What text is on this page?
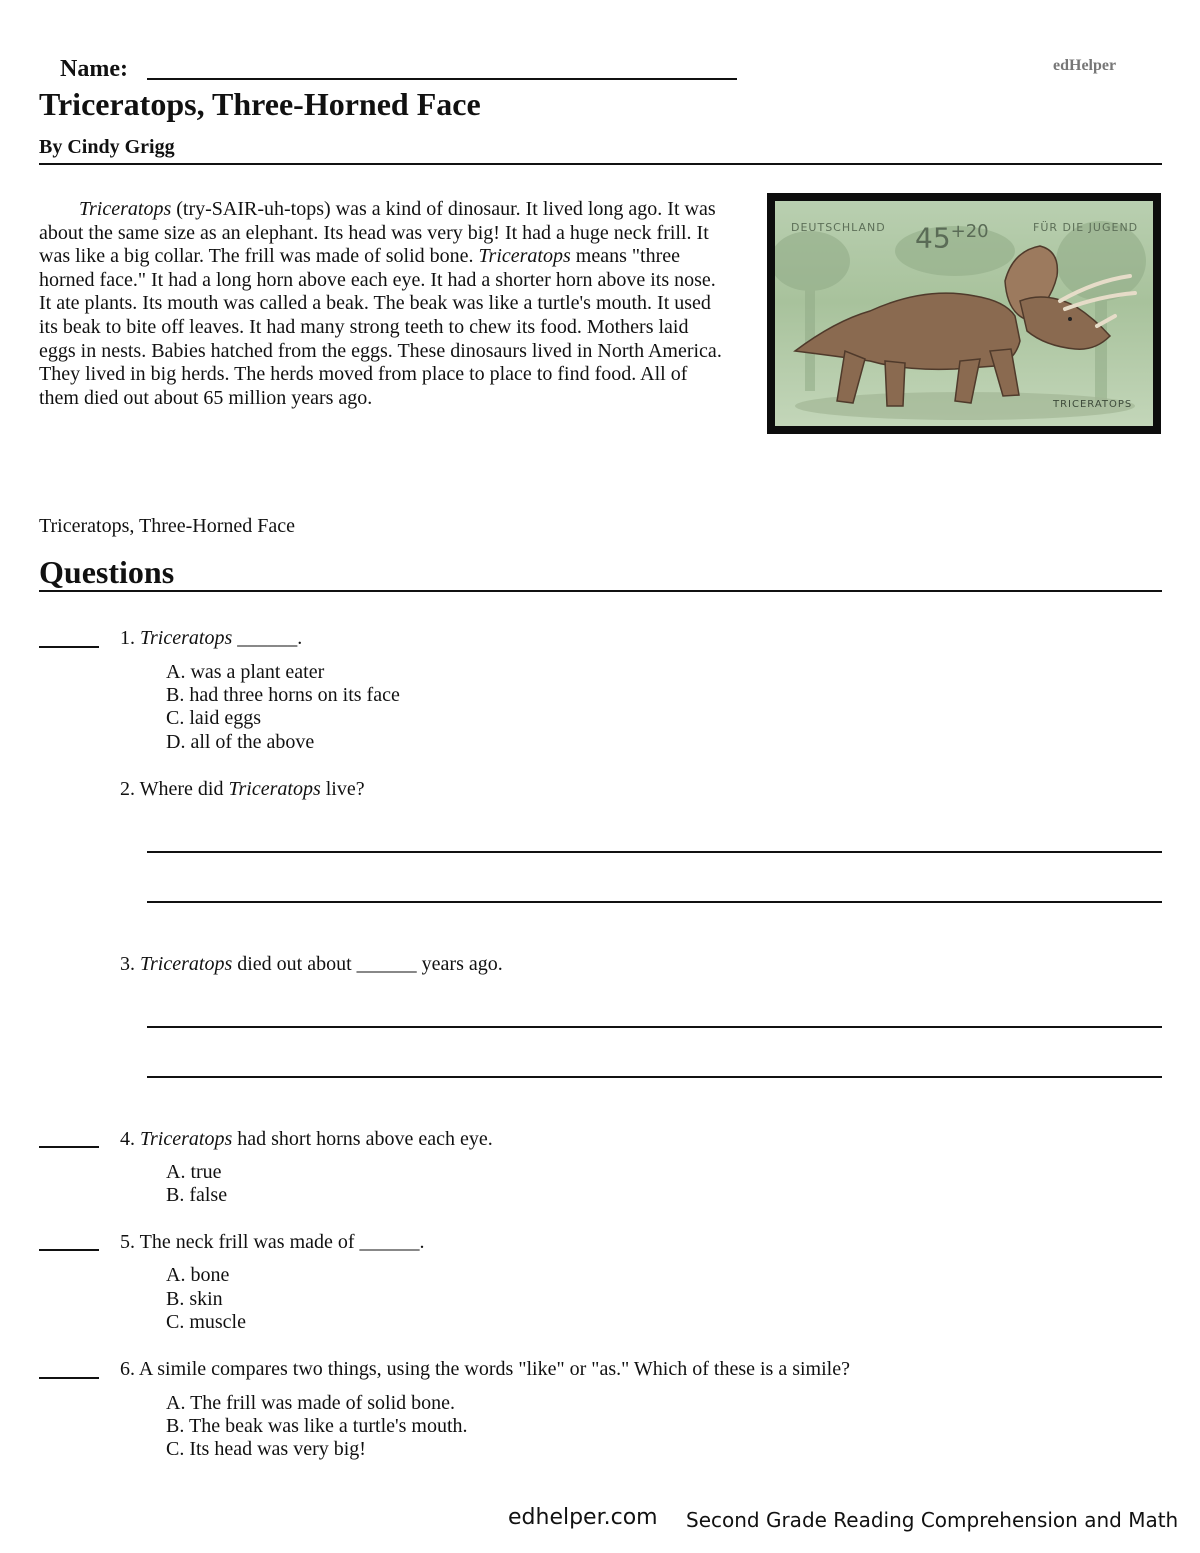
Name:	edHelper
Triceratops, Three-Horned Face
By Cindy Grigg

Triceratops (try-SAIR-uh-tops) was a kind of dinosaur. It lived long ago. It was about the same size as an elephant. Its head was very big! It had a huge neck frill. It was like a big collar. The frill was made of solid bone. Triceratops means "three horned face." It had a long horn above each eye. It had a shorter horn above its nose. It ate plants. Its mouth was called a beak. The beak was like a turtle's mouth. It used its beak to bite off leaves. It had many strong teeth to chew its food. Mothers laid eggs in nests. Babies hatched from the eggs. These dinosaurs lived in North America. They lived in big herds. The herds moved from place to place to find food. All of them died out about 65 million years ago.

DEUTSCHLAND $45^{+20}$	FÜR DIE JUGEND
TRICERATOPS
Triceratops, Three-Horned Face
Questions
1. Triceratops ______.
A. was a plant eater
B. had three horns on its face
C. laid eggs
D. all of the above
2. Where did Triceratops live?
3. Triceratops died out about ______ years ago.
4. Triceratops had short horns above each eye.
A. true
B. false
5. The neck frill was made of ______.
A. bone
B. skin
C. muscle
6. A simile compares two things, using the words "like" or "as." Which of these is a simile?
A. The frill was made of solid bone.
B. The beak was like a turtle's mouth.
C. Its head was very big!
edhelper.com Second Grade Reading Comprehension and Math
